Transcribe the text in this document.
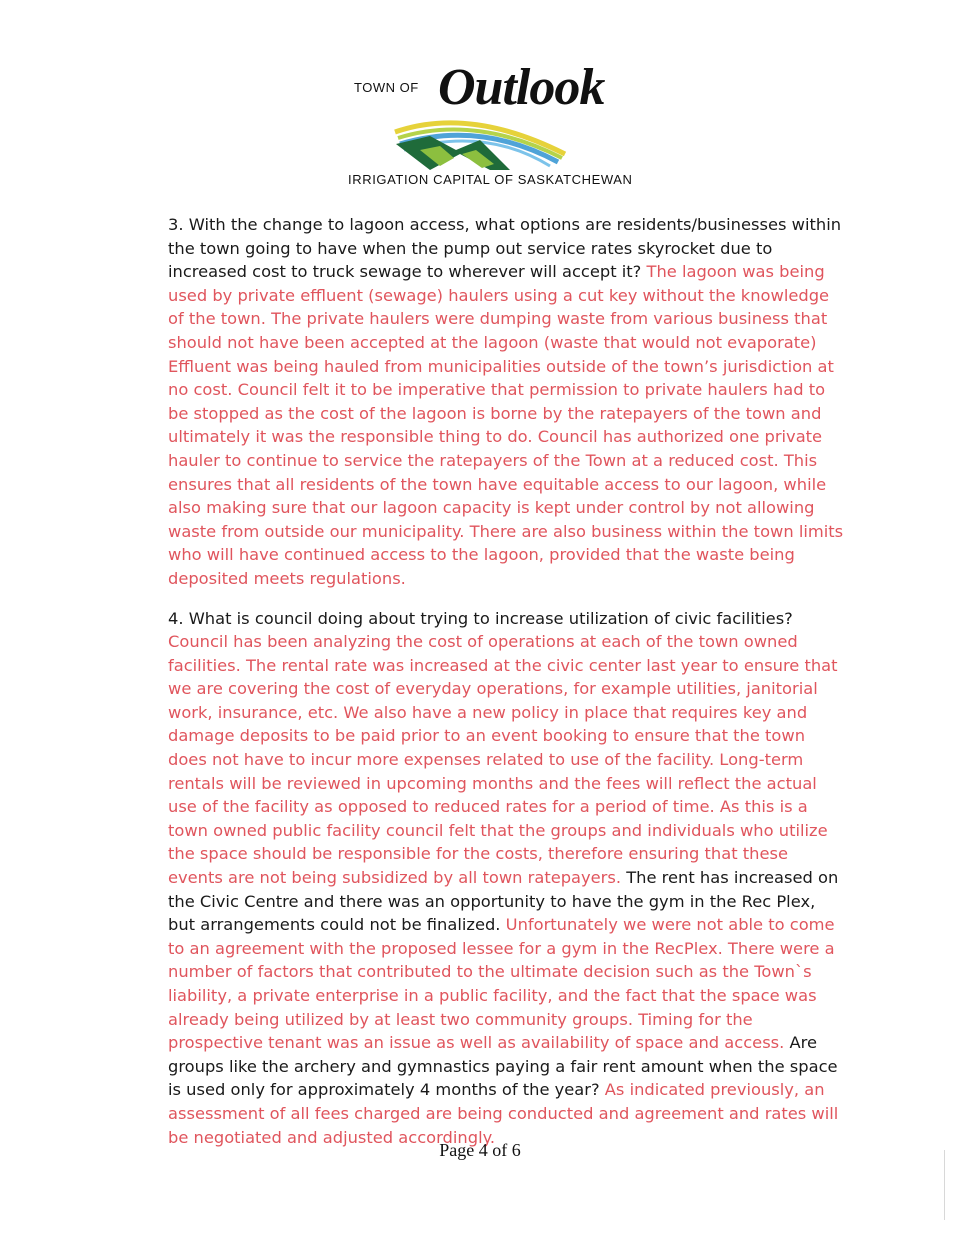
TOWN OF Outlook
IRRIGATION CAPITAL OF SASKATCHEWAN

3. With the change to lagoon access, what options are residents/businesses within the town going to have when the pump out service rates skyrocket due to increased cost to truck sewage to wherever will accept it? The lagoon was being used by private effluent (sewage) haulers using a cut key without the knowledge of the town. The private haulers were dumping waste from various business that should not have been accepted at the lagoon (waste that would not evaporate) Effluent was being hauled from municipalities outside of the town’s jurisdiction at no cost. Council felt it to be imperative that permission to private haulers had to be stopped as the cost of the lagoon is borne by the ratepayers of the town and ultimately it was the responsible thing to do. Council has authorized one private hauler to continue to service the ratepayers of the Town at a reduced cost. This ensures that all residents of the town have equitable access to our lagoon, while also making sure that our lagoon capacity is kept under control by not allowing waste from outside our municipality. There are also business within the town limits who will have continued access to the lagoon, provided that the waste being deposited meets regulations.

4. What is council doing about trying to increase utilization of civic facilities? Council has been analyzing the cost of operations at each of the town owned facilities. The rental rate was increased at the civic center last year to ensure that we are covering the cost of everyday operations, for example utilities, janitorial work, insurance, etc. We also have a new policy in place that requires key and damage deposits to be paid prior to an event booking to ensure that the town does not have to incur more expenses related to use of the facility. Long-term rentals will be reviewed in upcoming months and the fees will reflect the actual use of the facility as opposed to reduced rates for a period of time. As this is a town owned public facility council felt that the groups and individuals who utilize the space should be responsible for the costs, therefore ensuring that these events are not being subsidized by all town ratepayers. The rent has increased on the Civic Centre and there was an opportunity to have the gym in the Rec Plex, but arrangements could not be finalized. Unfortunately we were not able to come to an agreement with the proposed lessee for a gym in the RecPlex. There were a number of factors that contributed to the ultimate decision such as the Town`s liability, a private enterprise in a public facility, and the fact that the space was already being utilized by at least two community groups. Timing for the prospective tenant was an issue as well as availability of space and access. Are groups like the archery and gymnastics paying a fair rent amount when the space is used only for approximately 4 months of the year? As indicated previously, an assessment of all fees charged are being conducted and agreement and rates will be negotiated and adjusted accordingly.

Page 4 of 6
